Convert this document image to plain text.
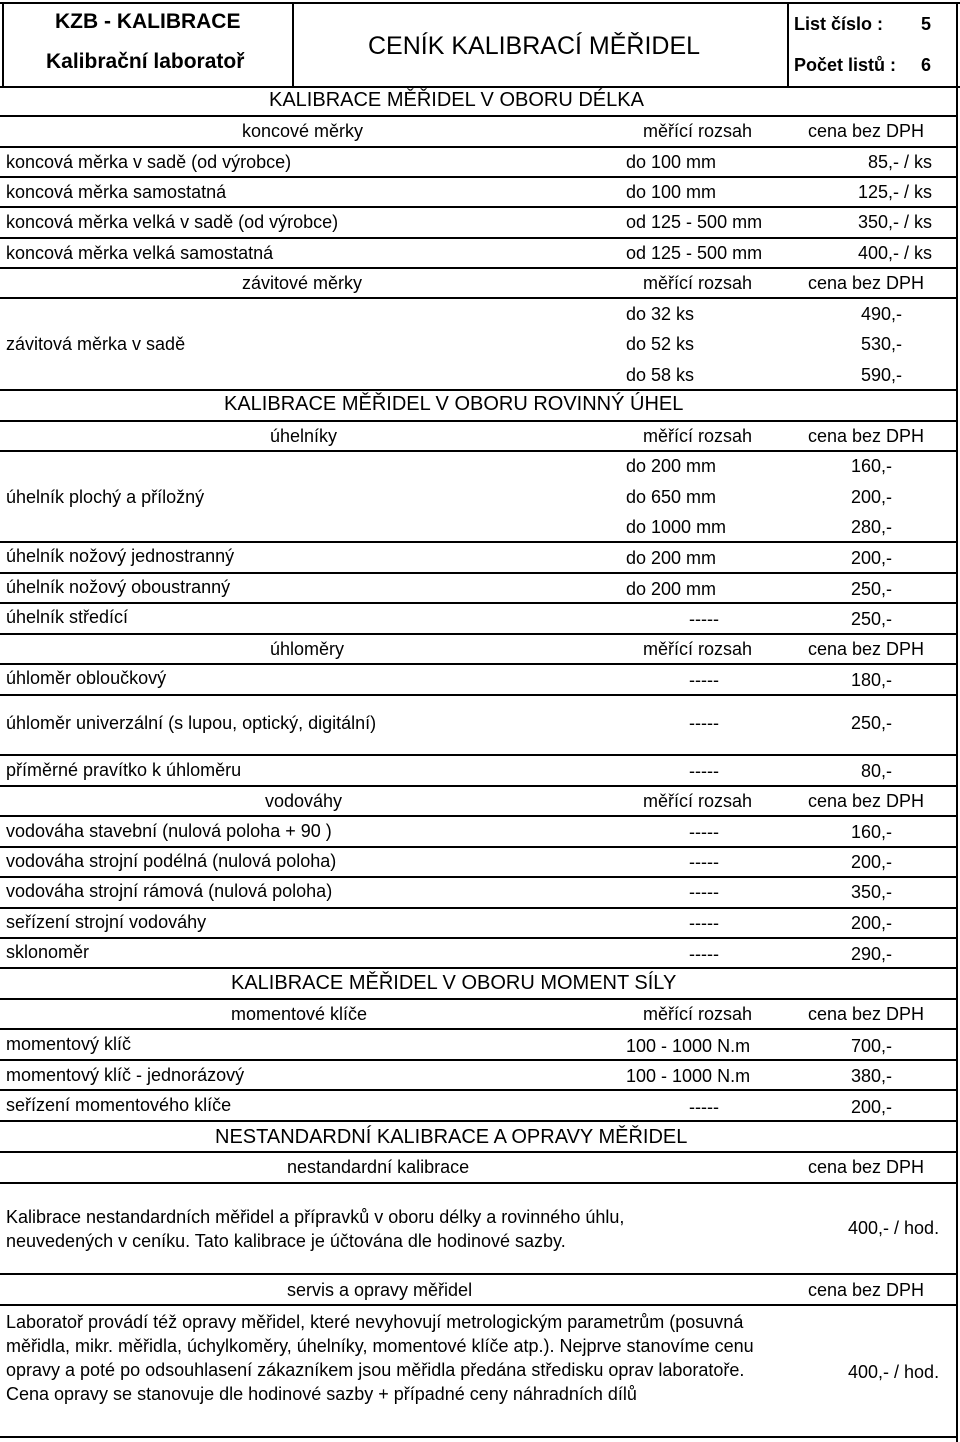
KZB - KALIBRACE
Kalibrační laboratoř
CENÍK KALIBRACÍ MĚŘIDEL
List číslo : 5
Počet listů : 6
KALIBRACE MĚŘIDEL V OBORU DÉLKA
koncové měrky	měřící rozsah	cena bez DPH
koncová měrka v sadě (od výrobce)	do 100 mm	85,- / ks
koncová měrka samostatná	do 100 mm	125,- / ks
koncová měrka velká v sadě (od výrobce)	od 125 - 500 mm	350,- / ks
koncová měrka velká samostatná	od 125 - 500 mm	400,- / ks
závitové měrky	měřící rozsah	cena bez DPH
závitová měrka v sadě
do 32 ks	490,-
do 52 ks	530,-
do 58 ks	590,-
KALIBRACE MĚŘIDEL V OBORU ROVINNÝ ÚHEL
úhelníky	měřící rozsah	cena bez DPH
úhelník plochý a příložný
do 200 mm	160,-
do 650 mm	200,-
do 1000 mm	280,-
úhelník nožový jednostranný	do 200 mm	200,-
úhelník nožový oboustranný	do 200 mm	250,-
úhelník středící	-----	250,-
úhloměry	měřící rozsah	cena bez DPH
úhloměr obloučkový	-----	180,-
úhloměr univerzální (s lupou, optický, digitální)	-----	250,-
příměrné pravítko k úhloměru	-----	80,-
vodováhy	měřící rozsah	cena bez DPH
vodováha stavební (nulová poloha + 90 )	-----	160,-
vodováha strojní podélná (nulová poloha)	-----	200,-
vodováha strojní rámová (nulová poloha)	-----	350,-
seřízení strojní vodováhy	-----	200,-
sklonoměr	-----	290,-
KALIBRACE MĚŘIDEL V OBORU MOMENT SÍLY
momentové klíče	měřící rozsah	cena bez DPH
momentový klíč	100 - 1000 N.m	700,-
momentový klíč - jednorázový	100 - 1000 N.m	380,-
seřízení momentového klíče	-----	200,-
NESTANDARDNÍ KALIBRACE A OPRAVY MĚŘIDEL
nestandardní kalibrace	cena bez DPH
Kalibrace nestandardních měřidel a přípravků v oboru délky a rovinného úhlu, neuvedených v ceníku. Tato kalibrace je účtována dle hodinové sazby.
400,- / hod.
servis a opravy měřidel	cena bez DPH
Laboratoř provádí též opravy měřidel, které nevyhovují metrologickým parametrům (posuvná měřidla, mikr. měřidla, úchylkoměry, úhelníky, momentové klíče atp.). Nejprve stanovíme cenu opravy a poté po odsouhlasení zákazníkem jsou měřidla předána středisku oprav laboratoře. Cena opravy se stanovuje dle hodinové sazby + případné ceny náhradních dílů
400,- / hod.
